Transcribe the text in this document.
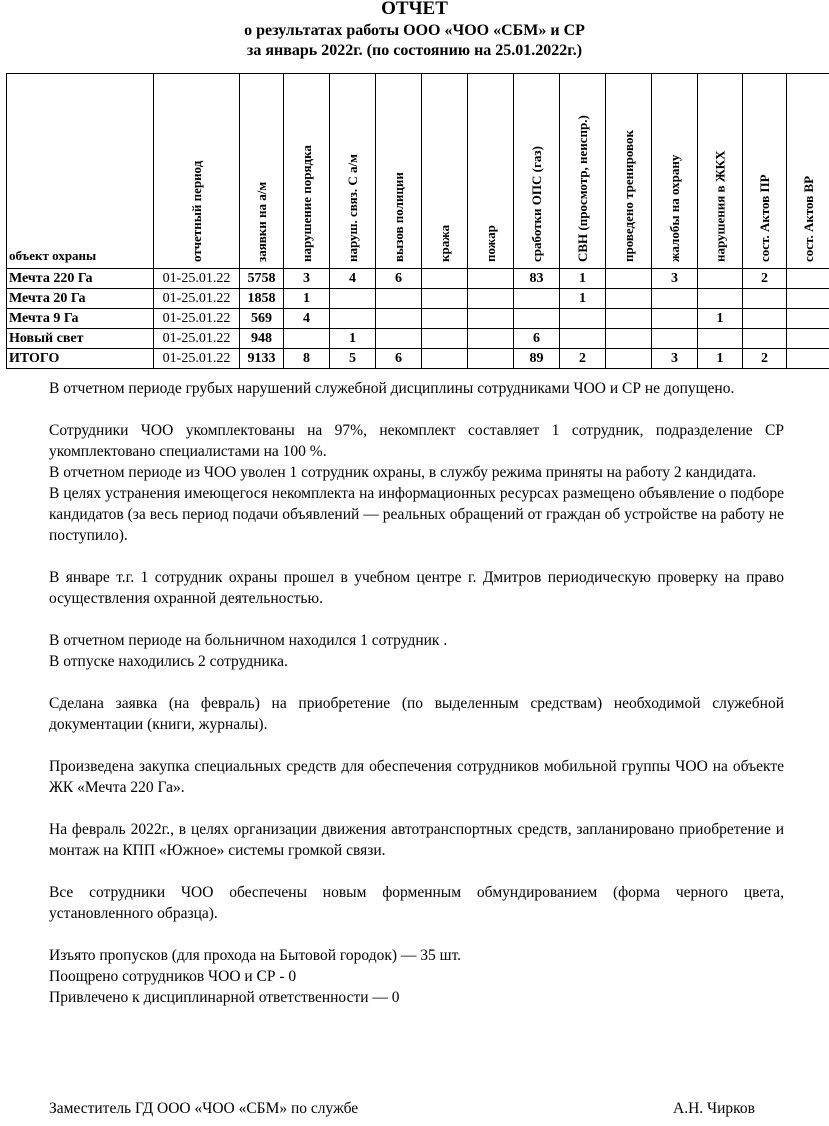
ОТЧЕТ
о результатах работы ООО «ЧОО «СБМ» и СР
за январь 2022г. (по состоянию на 25.01.2022г.)
объект охраны	отчетный период	заявки на а/м	нарушение порядка	наруш. связ. С а/м	вызов полиции	кража	пожар	сработки ОПС (газ)	СВН (просмотр, неиспр.)	проведено тренировок	жалобы на охрану	нарушения в ЖКХ	сост. Актов ПР	сост. Актов ВР
Мечта 220 Га	01-25.01.22	5758	3	4	6			83	1		3		2	
Мечта 20 Га	01-25.01.22	1858	1						1					
Мечта 9 Га	01-25.01.22	569	4									1		
Новый свет	01-25.01.22	948		1				6						
ИТОГО	01-25.01.22	9133	8	5	6			89	2		3	1	2	

В отчетном периоде грубых нарушений служебной дисциплины сотрудниками ЧОО и СР не допущено.

Сотрудники ЧОО укомплектованы на 97%, некомплект составляет 1 сотрудник, подразделение СР укомплектовано специалистами на 100 %.

В отчетном периоде из ЧОО уволен 1 сотрудник охраны, в службу режима приняты на работу 2 кандидата.

В целях устранения имеющегося некомплекта на информационных ресурсах размещено объявление о подборе кандидатов (за весь период подачи объявлений — реальных обращений от граждан об устройстве на работу не поступило).

В январе т.г. 1 сотрудник охраны прошел в учебном центре г. Дмитров периодическую проверку на право осуществления охранной деятельностью.

В отчетном периоде на больничном находился 1 сотрудник .

В отпуске находились 2 сотрудника.

Сделана заявка (на февраль) на приобретение (по выделенным средствам) необходимой служебной документации (книги, журналы).

Произведена закупка специальных средств для обеспечения сотрудников мобильной группы ЧОО на объекте ЖК «Мечта 220 Га».

На февраль 2022г., в целях организации движения автотранспортных средств, запланировано приобретение и монтаж на КПП «Южное» системы громкой связи.

Все сотрудники ЧОО обеспечены новым форменным обмундированием (форма черного цвета, установленного образца).

Изъято пропусков (для прохода на Бытовой городок) — 35 шт.

Поощрено сотрудников ЧОО и СР - 0

Привлечено к дисциплинарной ответственности — 0

Заместитель ГД ООО «ЧОО «СБМ» по службе	А.Н. Чирков
